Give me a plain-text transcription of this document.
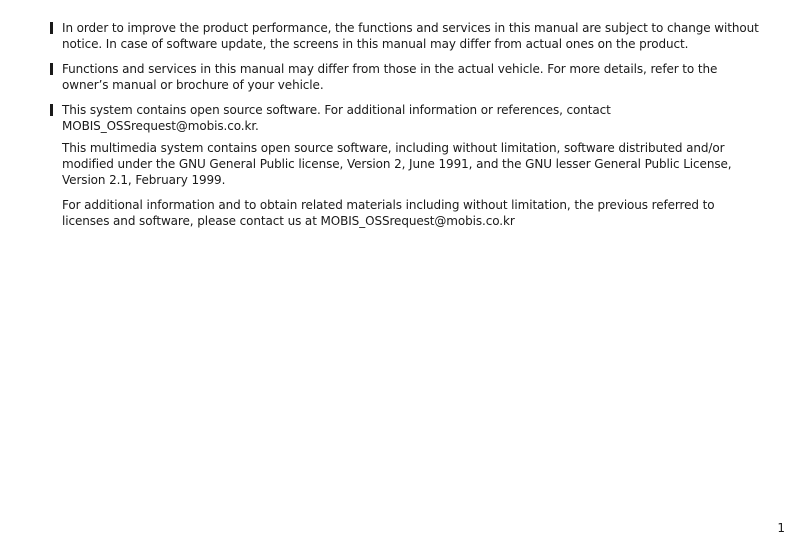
In order to improve the product performance, the functions and services in this manual are subject to change without notice. In case of software update, the screens in this manual may differ from actual ones on the product.
Functions and services in this manual may differ from those in the actual vehicle. For more details, refer to the owner’s manual or brochure of your vehicle.
This system contains open source software. For additional information or references, contact MOBIS_OSSrequest@mobis.co.kr.
This multimedia system contains open source software, including without limitation, software distributed and/or modified under the GNU General Public license, Version 2, June 1991, and the GNU lesser General Public License, Version 2.1, February 1999.
For additional information and to obtain related materials including without limitation, the previous referred to licenses and software, please contact us at MOBIS_OSSrequest@mobis.co.kr
1
